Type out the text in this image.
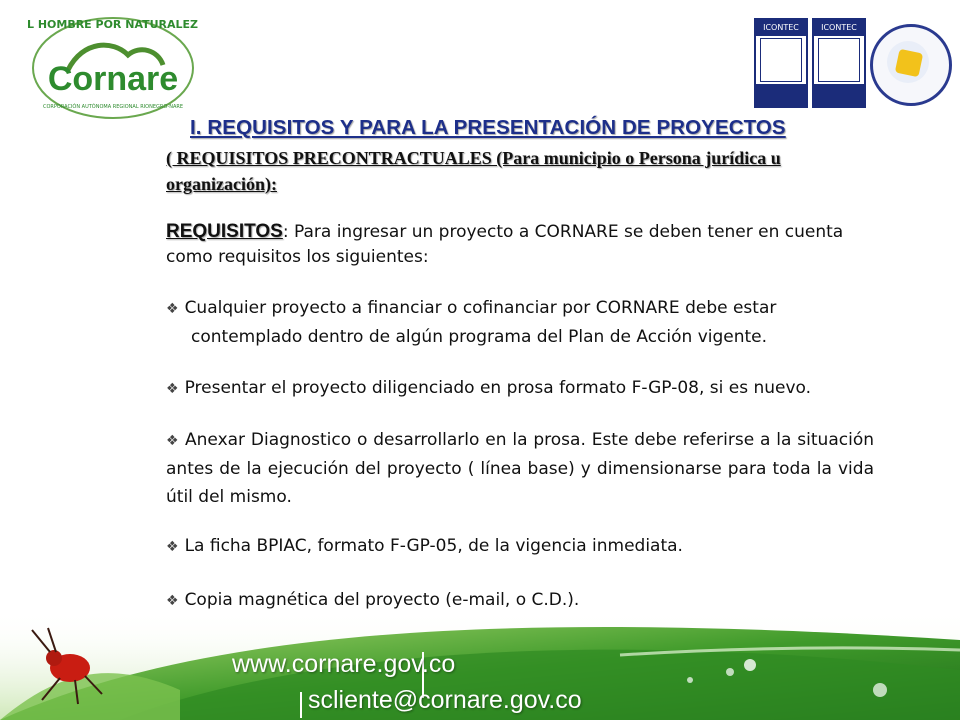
Cornare
CORPORACIÓN AUTÓNOMA REGIONAL RIONEGRO-NARE
EL HOMBRE POR NATURALEZA	ICONTEC	ICONTEC
I. REQUISITOS Y PARA LA PRESENTACIÓN DE PROYECTOS
( REQUISITOS PRECONTRACTUALES (Para municipio o Persona jurídica u organización):
REQUISITOS: Para ingresar un proyecto a CORNARE se deben tener en cuenta como requisitos los siguientes:
❖ Cualquier proyecto a financiar o cofinanciar por CORNARE debe estar
contemplado dentro de algún programa del Plan de Acción vigente.
❖ Presentar el proyecto diligenciado en prosa formato F-GP-08, si es nuevo.
❖ Anexar Diagnostico o desarrollarlo en la prosa. Este debe referirse a la situación antes de la ejecución del proyecto ( línea base) y dimensionarse para toda la vida útil del mismo.
❖ La ficha BPIAC, formato F-GP-05, de la vigencia inmediata.
❖ Copia magnética del proyecto (e-mail, o C.D.).
www.cornare.gov.co
scliente@cornare.gov.co
